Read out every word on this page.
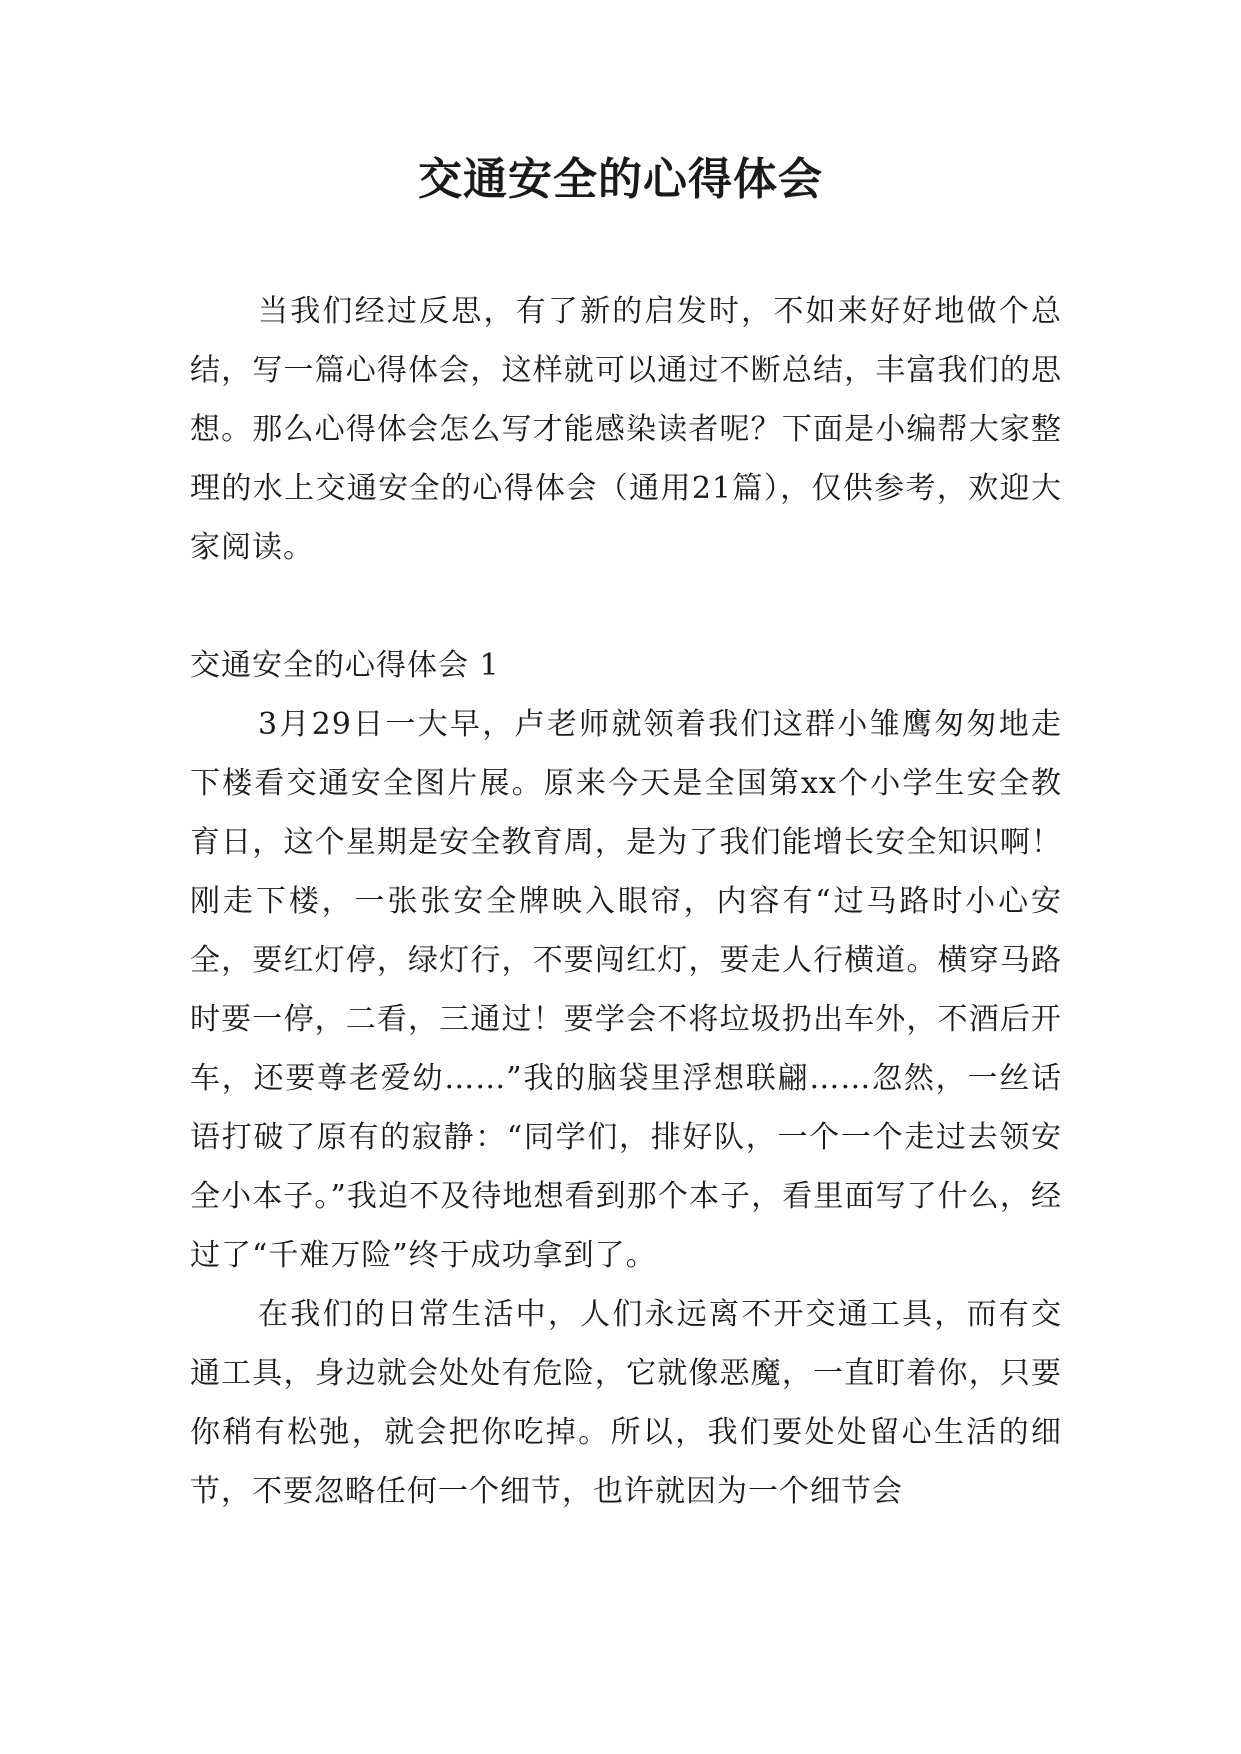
交通安全的心得体会

当我们经过反思，有了新的启发时，不如来好好地做个总结，写一篇心得体会，这样就可以通过不断总结，丰富我们的思想。那么心得体会怎么写才能感染读者呢？下面是小编帮大家整理的水上交通安全的心得体会（通用21篇），仅供参考，欢迎大家阅读。

交通安全的心得体会 1

3月29日一大早，卢老师就领着我们这群小雏鹰匆匆地走下楼看交通安全图片展。原来今天是全国第xx个小学生安全教育日，这个星期是安全教育周，是为了我们能增长安全知识啊！刚走下楼，一张张安全牌映入眼帘，内容有“过马路时小心安全，要红灯停，绿灯行，不要闯红灯，要走人行横道。横穿马路时要一停，二看，三通过！要学会不将垃圾扔出车外，不酒后开车，还要尊老爱幼……”我的脑袋里浮想联翩……忽然，一丝话语打破了原有的寂静：“同学们，排好队，一个一个走过去领安全小本子。”我迫不及待地想看到那个本子，看里面写了什么，经过了“千难万险”终于成功拿到了。

在我们的日常生活中，人们永远离不开交通工具，而有交通工具，身边就会处处有危险，它就像恶魔，一直盯着你，只要你稍有松弛，就会把你吃掉。所以，我们要处处留心生活的细节，不要忽略任何一个细节，也许就因为一个细节会
